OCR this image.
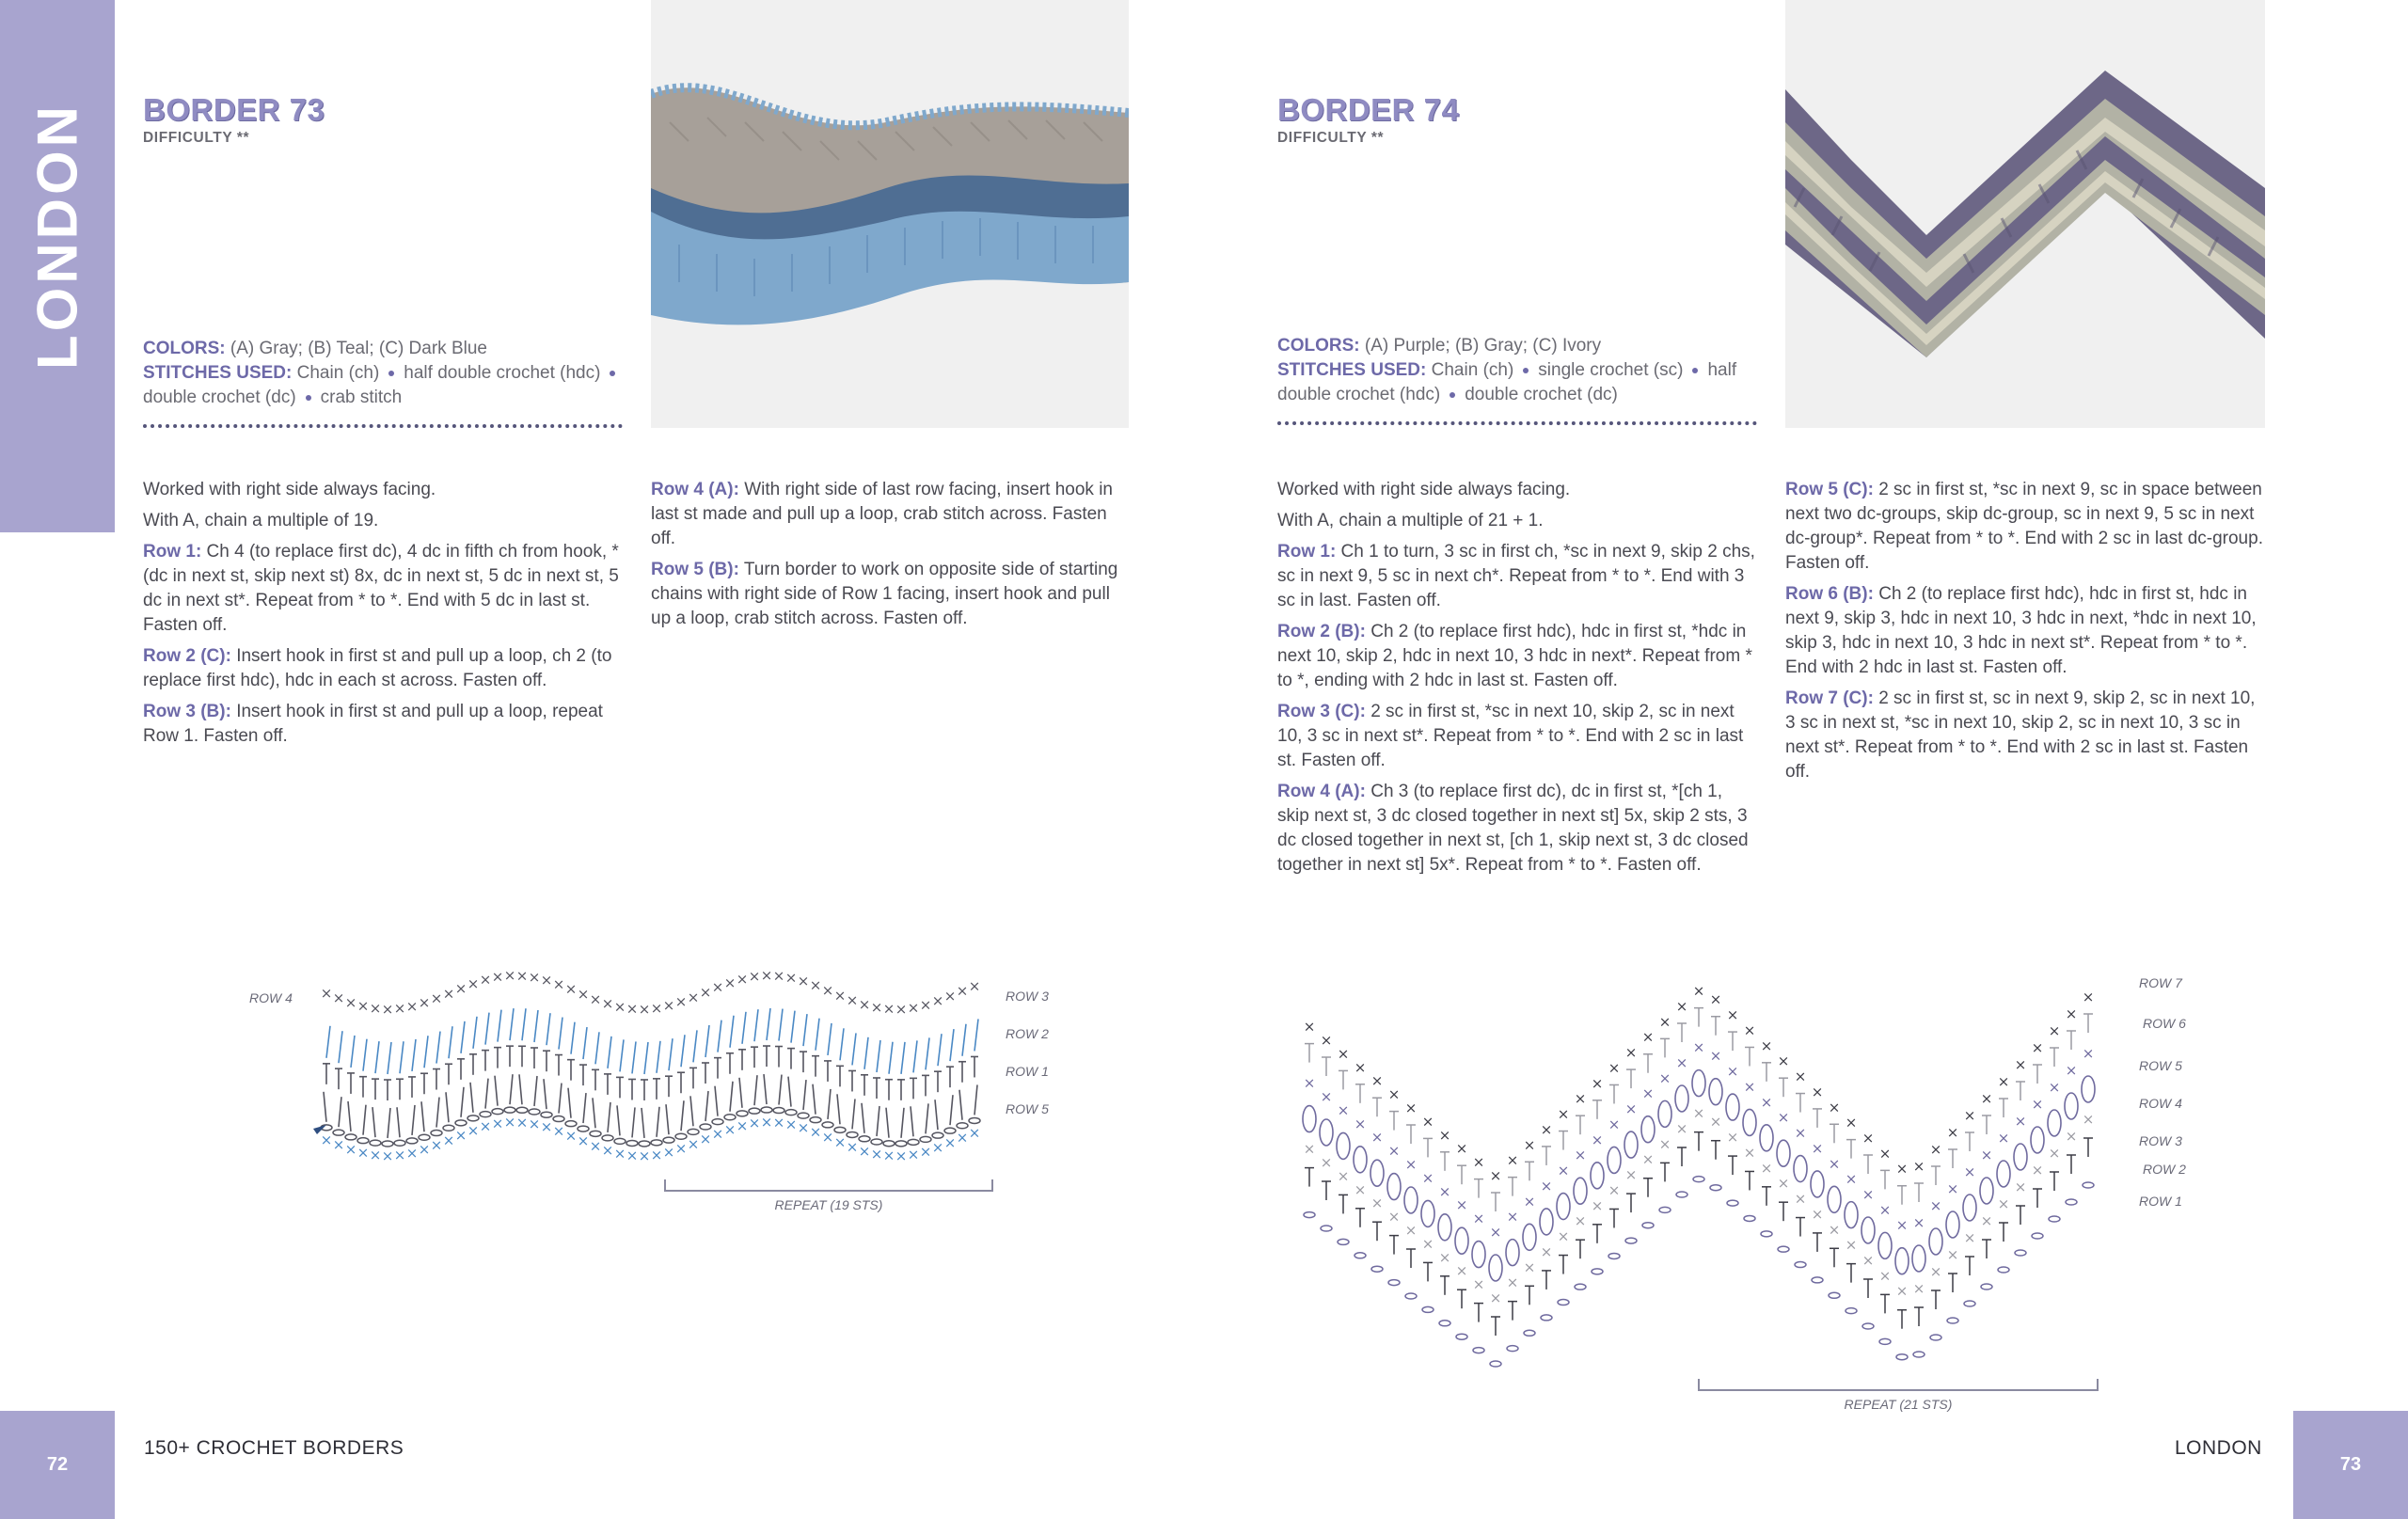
LONDON BORDER 73
DIFFICULTY **
COLORS: (A) Gray; (B) Teal; (C) Dark Blue
STITCHES USED: Chain (ch) half double crochet (hdc)double crochet (dc) crab stitch

Worked with right side always facing.

With A, chain a multiple of 19.

Row 1: Ch 4 (to replace first dc), 4 dc in fifth ch from hook, *(dc in next st, skip next st) 8x, dc in next st, 5 dc in next st, 5 dc in next st*. Repeat from * to *. End with 5 dc in last st. Fasten off.

Row 2 (C): Insert hook in first st and pull up a loop, ch 2 (to replace first hdc), hdc in each st across. Fasten off.

Row 3 (B): Insert hook in first st and pull up a loop, repeat Row 1. Fasten off.

Row 4 (A): With right side of last row facing, insert hook in last st made and pull up a loop, crab stitch across. Fasten off.

Row 5 (B): Turn border to work on opposite side of starting chains with right side of Row 1 facing, insert hook and pull up a loop, crab stitch across. Fasten off.

×
×
×
×
×
×
×
×
×
×
×
×
×
×
×
×
×
×
×
×
×
×
×
×
×
×
×
×
×
×
×
×
×
×
×
×
×
×
×
×
×
×
×
×
×
×
×
×
×
×
×
×
×
×
×
×
×
×
×
×
×
×
×
×
×
×
×
×
×
×
×
×
×
×
×
×
×
×
×
×
×
×
×
×
×
×
×
×
×
×
×
×
×
×
×
×
×
×
×
×
×
×
×
×
×
×
×
×
ROW 4	ROW 3
ROW 2
ROW 1
ROW 5
REPEAT (19 STS)
BORDER 74
DIFFICULTY **
COLORS: (A) Purple; (B) Gray; (C) Ivory
STITCHES USED: Chain (ch) single crochet (sc) half double crochet (hdc) double crochet (dc)

Worked with right side always facing.

With A, chain a multiple of 21 + 1.

Row 1: Ch 1 to turn, 3 sc in first ch, *sc in next 9, skip 2 chs, sc in next 9, 5 sc in next ch*. Repeat from * to *. End with 3 sc in last. Fasten off.

Row 2 (B): Ch 2 (to replace first hdc), hdc in first st, *hdc in next 10, skip 2, hdc in next 10, 3 hdc in next*. Repeat from * to *, ending with 2 hdc in last st. Fasten off.

Row 3 (C): 2 sc in first st, *sc in next 10, skip 2, sc in next 10, 3 sc in next st*. Repeat from * to *. End with 2 sc in last st. Fasten off.

Row 4 (A): Ch 3 (to replace first dc), dc in first st, *[ch 1, skip next st, 3 dc closed together in next st] 5x, skip 2 sts, 3 dc closed together in next st, [ch 1, skip next st, 3 dc closed together in next st] 5x*. Repeat from * to *. Fasten off.

Row 5 (C): 2 sc in first st, *sc in next 9, sc in space between next two dc-groups, skip dc-group, sc in next 9, 5 sc in next dc-group*. Repeat from * to *. End with 2 sc in last dc-group. Fasten off.

Row 6 (B): Ch 2 (to replace first hdc), hdc in first st, hdc in next 9, skip 3, hdc in next 10, 3 hdc in next, *hdc in next 10, skip 3, hdc in next 10, 3 hdc in next st*. Repeat from * to *. End with 2 hdc in last st. Fasten off.

Row 7 (C): 2 sc in first st, sc in next 9, skip 2, sc in next 10, 3 sc in next st, *sc in next 10, skip 2, sc in next 10, 3 sc in next st*. Repeat from * to *. End with 2 sc in last st. Fasten off.

×
×
×
×
×
×
×
×
×
×
×
×
×
×
×
×
×
×
×
×
×
×
×
×
×
×
×
×
×
×
×
×
×
×
×
×
×
×
×
×
×
×
×
×
×
×
×
×
×
×
×
×
×
×
×
×
×
×
×
×
×
×
×
×
×
×
×
×
×
×
×
×
×
×
×
×
×
×
×
×
×
×
×
×
×
×
×
×
×
×
×
×
×
×
×
×
×
×
×
×
×
×
×
×
×
×
×
×
×
×
×
×
×
×
×
×
×
×
×
×
×
×
×
×
×
×
×
×
×
×
×
×
×
×
×
×
×
×
×
×
×
ROW 7
ROW 6
ROW 5
ROW 4
ROW 3
ROW 2
ROW 1
REPEAT (21 STS)
72
150+ CROCHET BORDERS	LONDON
73
